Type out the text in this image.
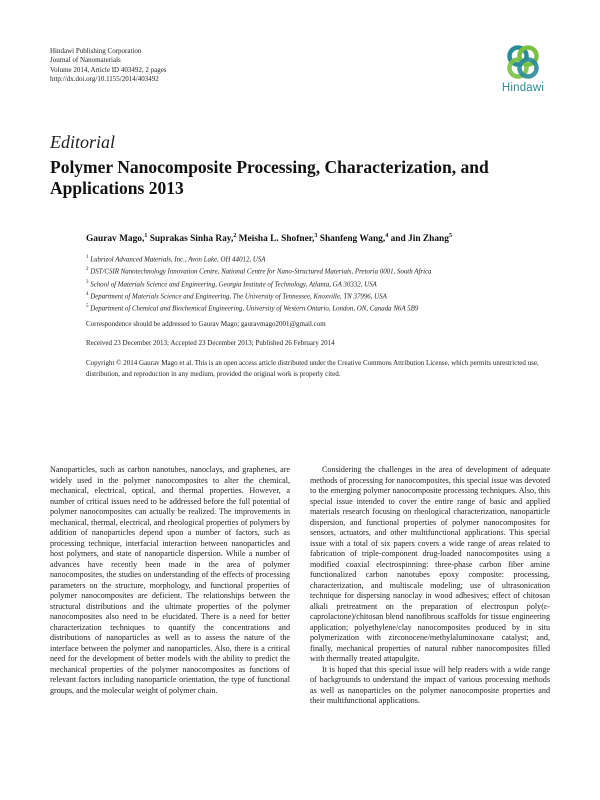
Hindawi Publishing Corporation
Journal of Nanomaterials
Volume 2014, Article ID 403492, 2 pages
http://dx.doi.org/10.1155/2014/403492
Hindawi
Editorial
Polymer Nanocomposite Processing, Characterization, and Applications 2013
Gaurav Mago,$^1$ Suprakas Sinha Ray,$^2$ Meisha L. Shofner,$^3$ Shanfeng Wang,$^4$ and Jin Zhang$^5$
$^1$ Lubrizol Advanced Materials, Inc., Avon Lake, OH 44012, USA
$^2$ DST/CSIR Nanotechnology Innovation Centre, National Centre for Nano-Structured Materials, Pretoria 0001, South Africa
$^3$ School of Materials Science and Engineering, Georgia Institute of Technology, Atlanta, GA 30332, USA
$^4$ Department of Materials Science and Engineering, The University of Tennessee, Knoxville, TN 37996, USA
$^5$ Department of Chemical and Biochemical Engineering, University of Western Ontario, London, ON, Canada N6A 5B9
Correspondence should be addressed to Gaurav Mago; gauravmago2001@gmail.com
Received 23 December 2013; Accepted 23 December 2013; Published 26 February 2014
Copyright © 2014 Gaurav Mago et al. This is an open access article distributed under the Creative Commons Attribution License, which permits unrestricted use, distribution, and reproduction in any medium, provided the original work is properly cited.

Nanoparticles, such as carbon nanotubes, nanoclays, and graphenes, are widely used in the polymer nanocomposites to alter the chemical, mechanical, electrical, optical, and thermal properties. However, a number of critical issues need to be addressed before the full potential of polymer nanocomposites can actually be realized. The improvements in mechanical, thermal, electrical, and rheological properties of polymers by addition of nanoparticles depend upon a number of factors, such as processing technique, interfacial interaction between nanoparticles and host polymers, and state of nanoparticle dispersion. While a number of advances have recently been made in the area of polymer nanocomposites, the studies on understanding of the effects of processing parameters on the structure, morphology, and functional properties of polymer nanocomposites are deficient. The relationships between the structural distributions and the ultimate properties of the polymer nanocomposites also need to be elucidated. There is a need for better characterization techniques to quantify the concentrations and distributions of nanoparticles as well as to assess the nature of the interface between the polymer and nanoparticles. Also, there is a critical need for the development of better models with the ability to predict the mechanical properties of the polymer nanocomposites as functions of relevant factors including nanoparticle orientation, the type of functional groups, and the molecular weight of polymer chain.

Considering the challenges in the area of development of adequate methods of processing for nanocomposites, this special issue was devoted to the emerging polymer nanocomposite processing techniques. Also, this special issue intended to cover the entire range of basic and applied materials research focusing on rheological characterization, nanoparticle dispersion, and functional properties of polymer nanocomposites for sensors, actuators, and other multifunctional applications. This special issue with a total of six papers covers a wide range of areas related to fabrication of triple-component drug-loaded nanocomposites using a modified coaxial electrospinning: three-phase carbon fiber amine functionalized carbon nanotubes epoxy composite: processing, characterization, and multiscale modeling; use of ultrasonication technique for dispersing nanoclay in wood adhesives; effect of chitosan alkali pretreatment on the preparation of electrospun poly(ε-caprolactone)/chitosan blend nanofibrous scaffolds for tissue engineering application; polyethylene/clay nanocomposites produced by in situ polymerization with zirconocene/methylaluminoxane catalyst; and, finally, mechanical properties of natural rubber nanocomposites filled with thermally treated attapulgite.

It is hoped that this special issue will help readers with a wide range of backgrounds to understand the impact of various processing methods as well as nanoparticles on the polymer nanocomposite properties and their multifunctional applications.
